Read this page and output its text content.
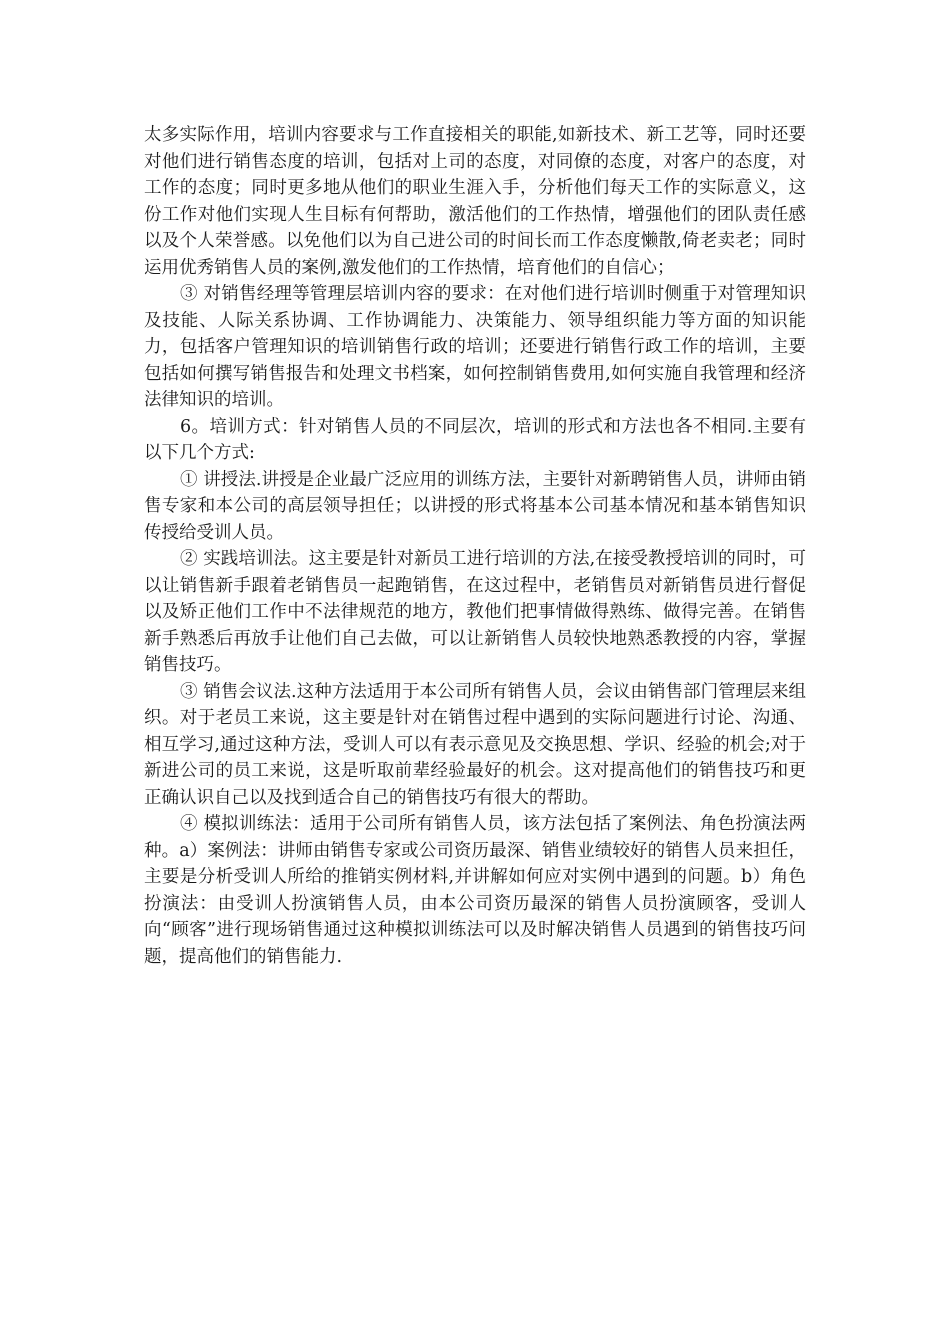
太多实际作用，培训内容要求与工作直接相关的职能,如新技术、新工艺等，同时还要对他们进行销售态度的培训，包括对上司的态度，对同僚的态度，对客户的态度，对工作的态度；同时更多地从他们的职业生涯入手，分析他们每天工作的实际意义，这份工作对他们实现人生目标有何帮助，激活他们的工作热情，增强他们的团队责任感以及个人荣誉感。以免他们以为自己进公司的时间长而工作态度懒散,倚老卖老；同时运用优秀销售人员的案例,激发他们的工作热情，培育他们的自信心；

③ 对销售经理等管理层培训内容的要求：在对他们进行培训时侧重于对管理知识及技能、人际关系协调、工作协调能力、决策能力、领导组织能力等方面的知识能力，包括客户管理知识的培训销售行政的培训；还要进行销售行政工作的培训，主要包括如何撰写销售报告和处理文书档案，如何控制销售费用,如何实施自我管理和经济法律知识的培训。

6。培训方式：针对销售人员的不同层次，培训的形式和方法也各不相同.主要有以下几个方式:

① 讲授法.讲授是企业最广泛应用的训练方法，主要针对新聘销售人员，讲师由销售专家和本公司的高层领导担任；以讲授的形式将基本公司基本情况和基本销售知识传授给受训人员。

② 实践培训法。这主要是针对新员工进行培训的方法,在接受教授培训的同时，可以让销售新手跟着老销售员一起跑销售，在这过程中，老销售员对新销售员进行督促以及矫正他们工作中不法律规范的地方，教他们把事情做得熟练、做得完善。在销售新手熟悉后再放手让他们自己去做，可以让新销售人员较快地熟悉教授的内容，掌握销售技巧。

③ 销售会议法.这种方法适用于本公司所有销售人员，会议由销售部门管理层来组织。对于老员工来说，这主要是针对在销售过程中遇到的实际问题进行讨论、沟通、相互学习,通过这种方法，受训人可以有表示意见及交换思想、学识、经验的机会;对于新进公司的员工来说，这是听取前辈经验最好的机会。这对提高他们的销售技巧和更正确认识自己以及找到适合自己的销售技巧有很大的帮助。

④ 模拟训练法：适用于公司所有销售人员，该方法包括了案例法、角色扮演法两种。a）案例法：讲师由销售专家或公司资历最深、销售业绩较好的销售人员来担任，主要是分析受训人所给的推销实例材料,并讲解如何应对实例中遇到的问题。b）角色扮演法：由受训人扮演销售人员，由本公司资历最深的销售人员扮演顾客，受训人向“顾客”进行现场销售通过这种模拟训练法可以及时解决销售人员遇到的销售技巧问题，提高他们的销售能力.
